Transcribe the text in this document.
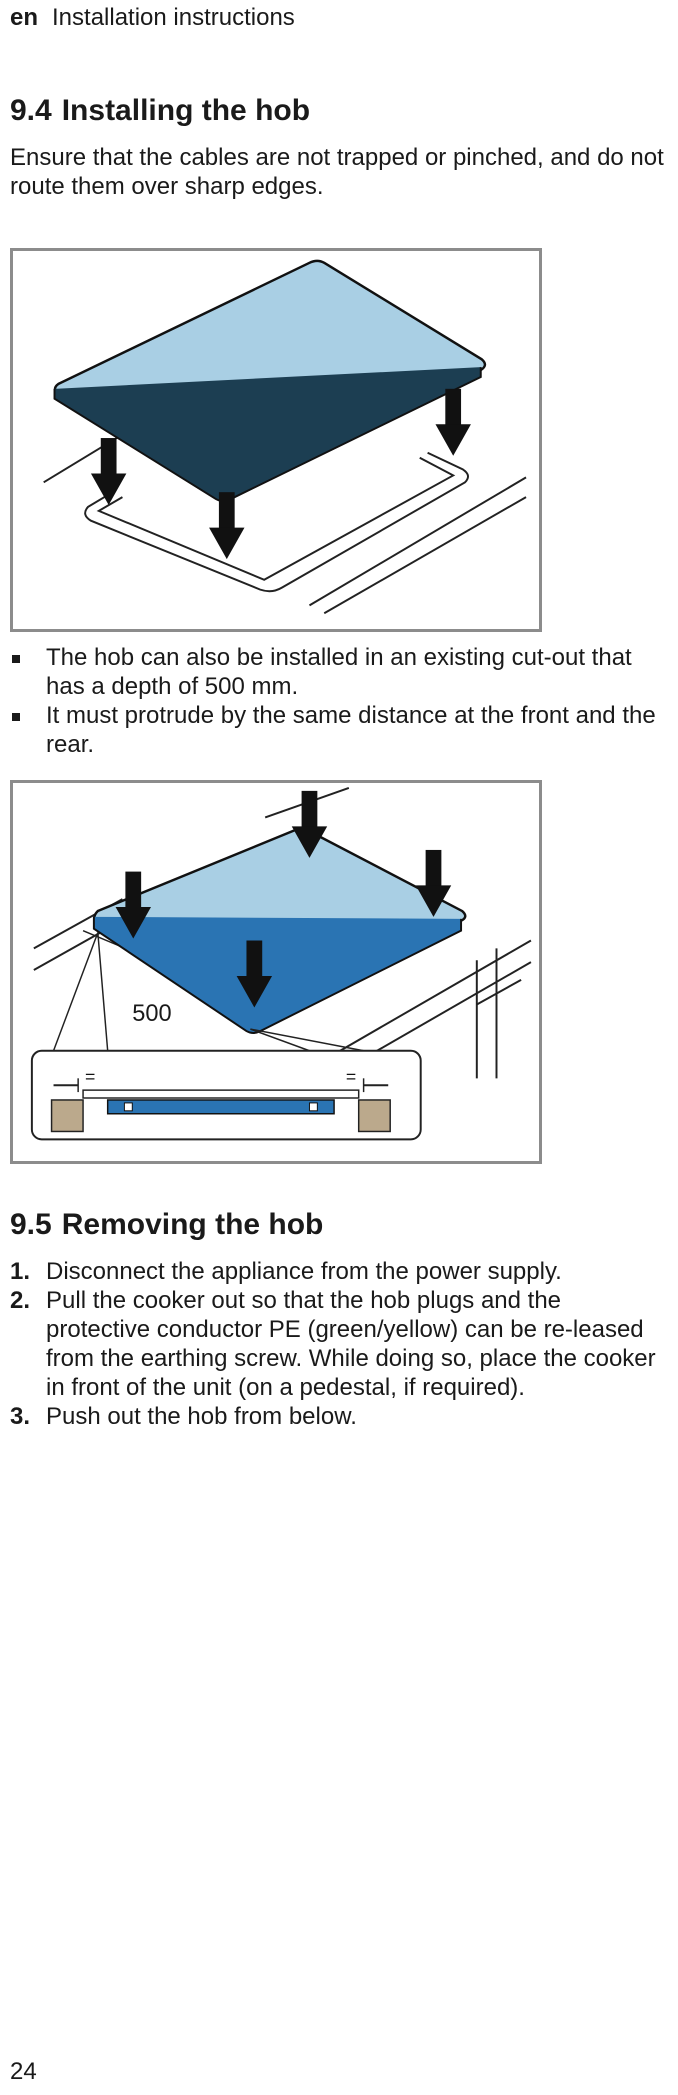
en Installation instructions
9.4 Installing the hob

Ensure that the cables are not trapped or pinched, and do not route them over sharp edges.

The hob can also be installed in an existing cut-out that has a depth of 500 mm.
It must protrude by the same distance at the front and the rear.
500
=	=
9.5 Removing the hob
1. Disconnect the appliance from the power supply.
2. Pull the cooker out so that the hob plugs and the protective conductor PE (green/yellow) can be re-leased from the earthing screw. While doing so, place the cooker in front of the unit (on a pedestal, if required).
3. Push out the hob from below.
24
